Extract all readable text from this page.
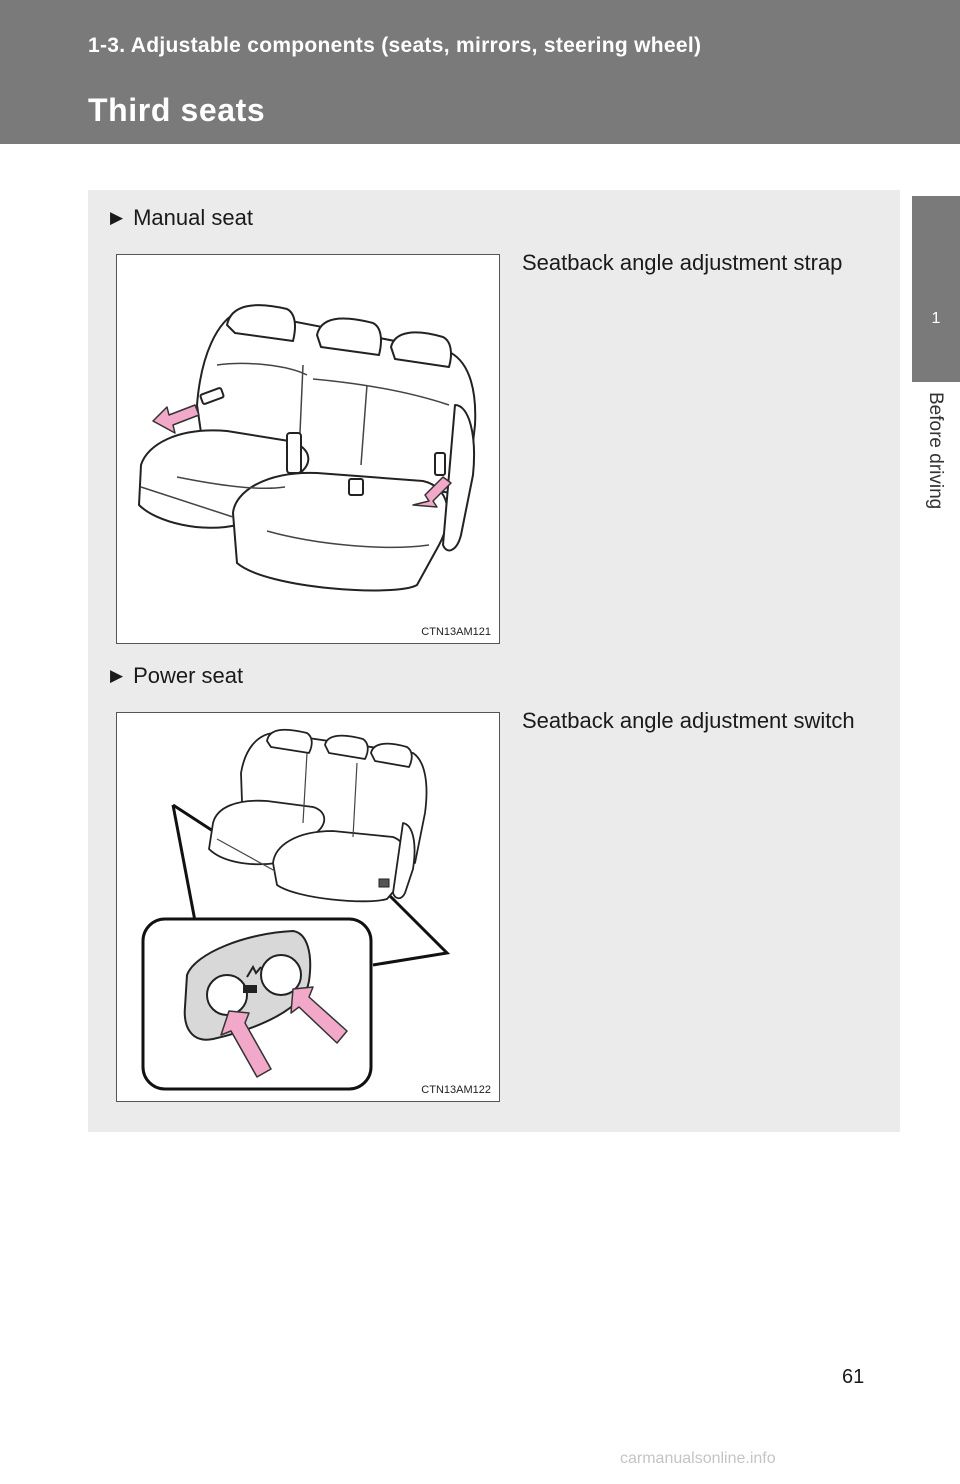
1-3. Adjustable components (seats, mirrors, steering wheel)
Third seats
1
Before driving
▶ Manual seat
CTN13AM121
Seatback angle adjustment strap
▶ Power seat
CTN13AM122
Seatback angle adjustment switch
61
carmanualsonline.info
